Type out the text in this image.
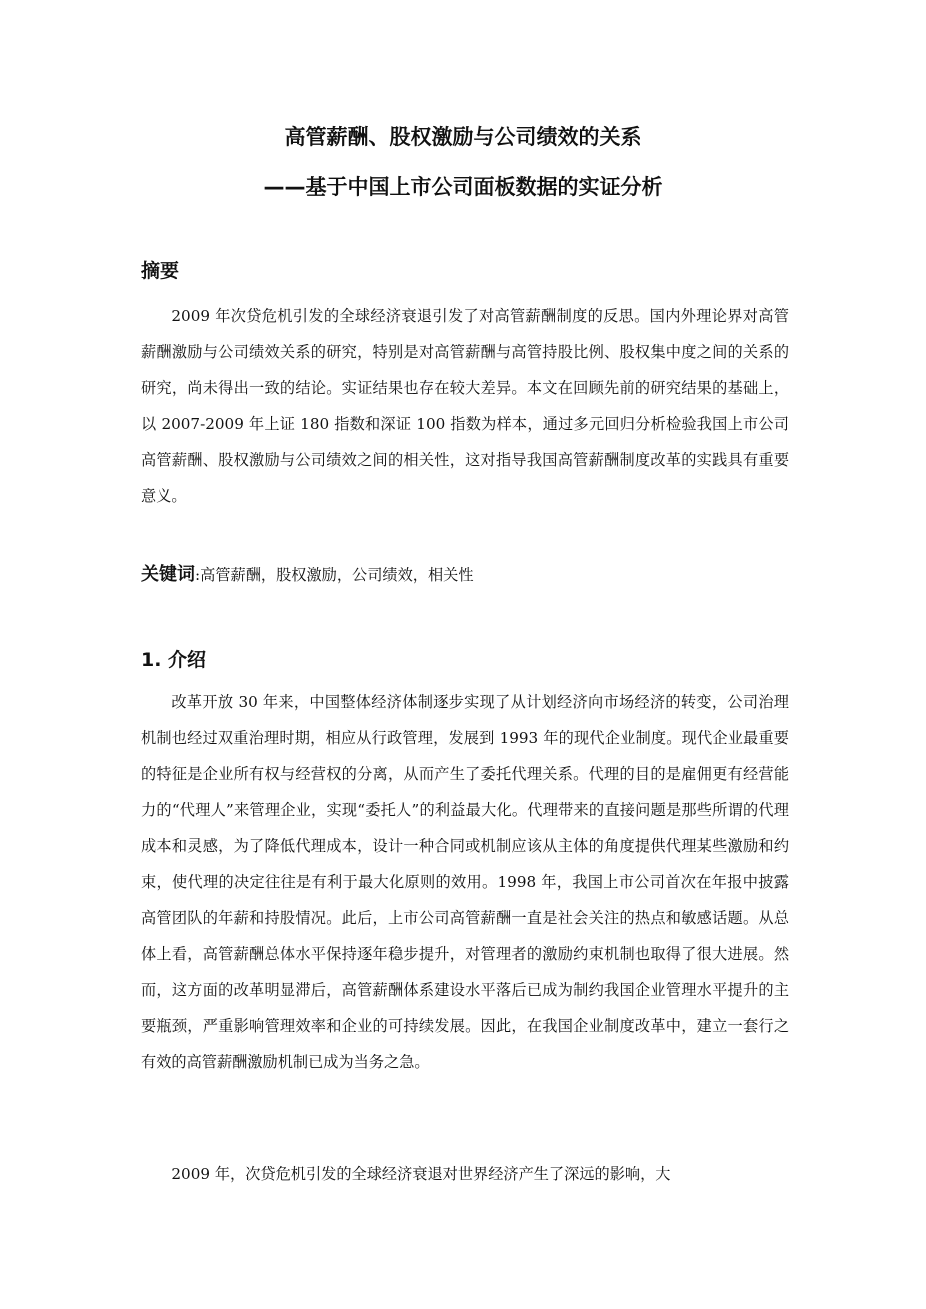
高管薪酬、股权激励与公司绩效的关系
——基于中国上市公司面板数据的实证分析
摘要

2009 年次贷危机引发的全球经济衰退引发了对高管薪酬制度的反思。国内外理论界对高管薪酬激励与公司绩效关系的研究，特别是对高管薪酬与高管持股比例、股权集中度之间的关系的研究，尚未得出一致的结论。实证结果也存在较大差异。本文在回顾先前的研究结果的基础上，以 2007-2009 年上证 180 指数和深证 100 指数为样本，通过多元回归分析检验我国上市公司高管薪酬、股权激励与公司绩效之间的相关性，这对指导我国高管薪酬制度改革的实践具有重要意义。

关键词:高管薪酬，股权激励，公司绩效，相关性

1. 介绍

改革开放 30 年来，中国整体经济体制逐步实现了从计划经济向市场经济的转变，公司治理机制也经过双重治理时期，相应从行政管理，发展到 1993 年的现代企业制度。现代企业最重要的特征是企业所有权与经营权的分离，从而产生了委托代理关系。代理的目的是雇佣更有经营能力的“代理人”来管理企业，实现“委托人”的利益最大化。代理带来的直接问题是那些所谓的代理成本和灵感，为了降低代理成本，设计一种合同或机制应该从主体的角度提供代理某些激励和约束，使代理的决定往往是有利于最大化原则的效用。1998 年，我国上市公司首次在年报中披露高管团队的年薪和持股情况。此后，上市公司高管薪酬一直是社会关注的热点和敏感话题。从总体上看，高管薪酬总体水平保持逐年稳步提升，对管理者的激励约束机制也取得了很大进展。然而，这方面的改革明显滞后，高管薪酬体系建设水平落后已成为制约我国企业管理水平提升的主要瓶颈，严重影响管理效率和企业的可持续发展。因此，在我国企业制度改革中，建立一套行之有效的高管薪酬激励机制已成为当务之急。

2009 年，次贷危机引发的全球经济衰退对世界经济产生了深远的影响，大
